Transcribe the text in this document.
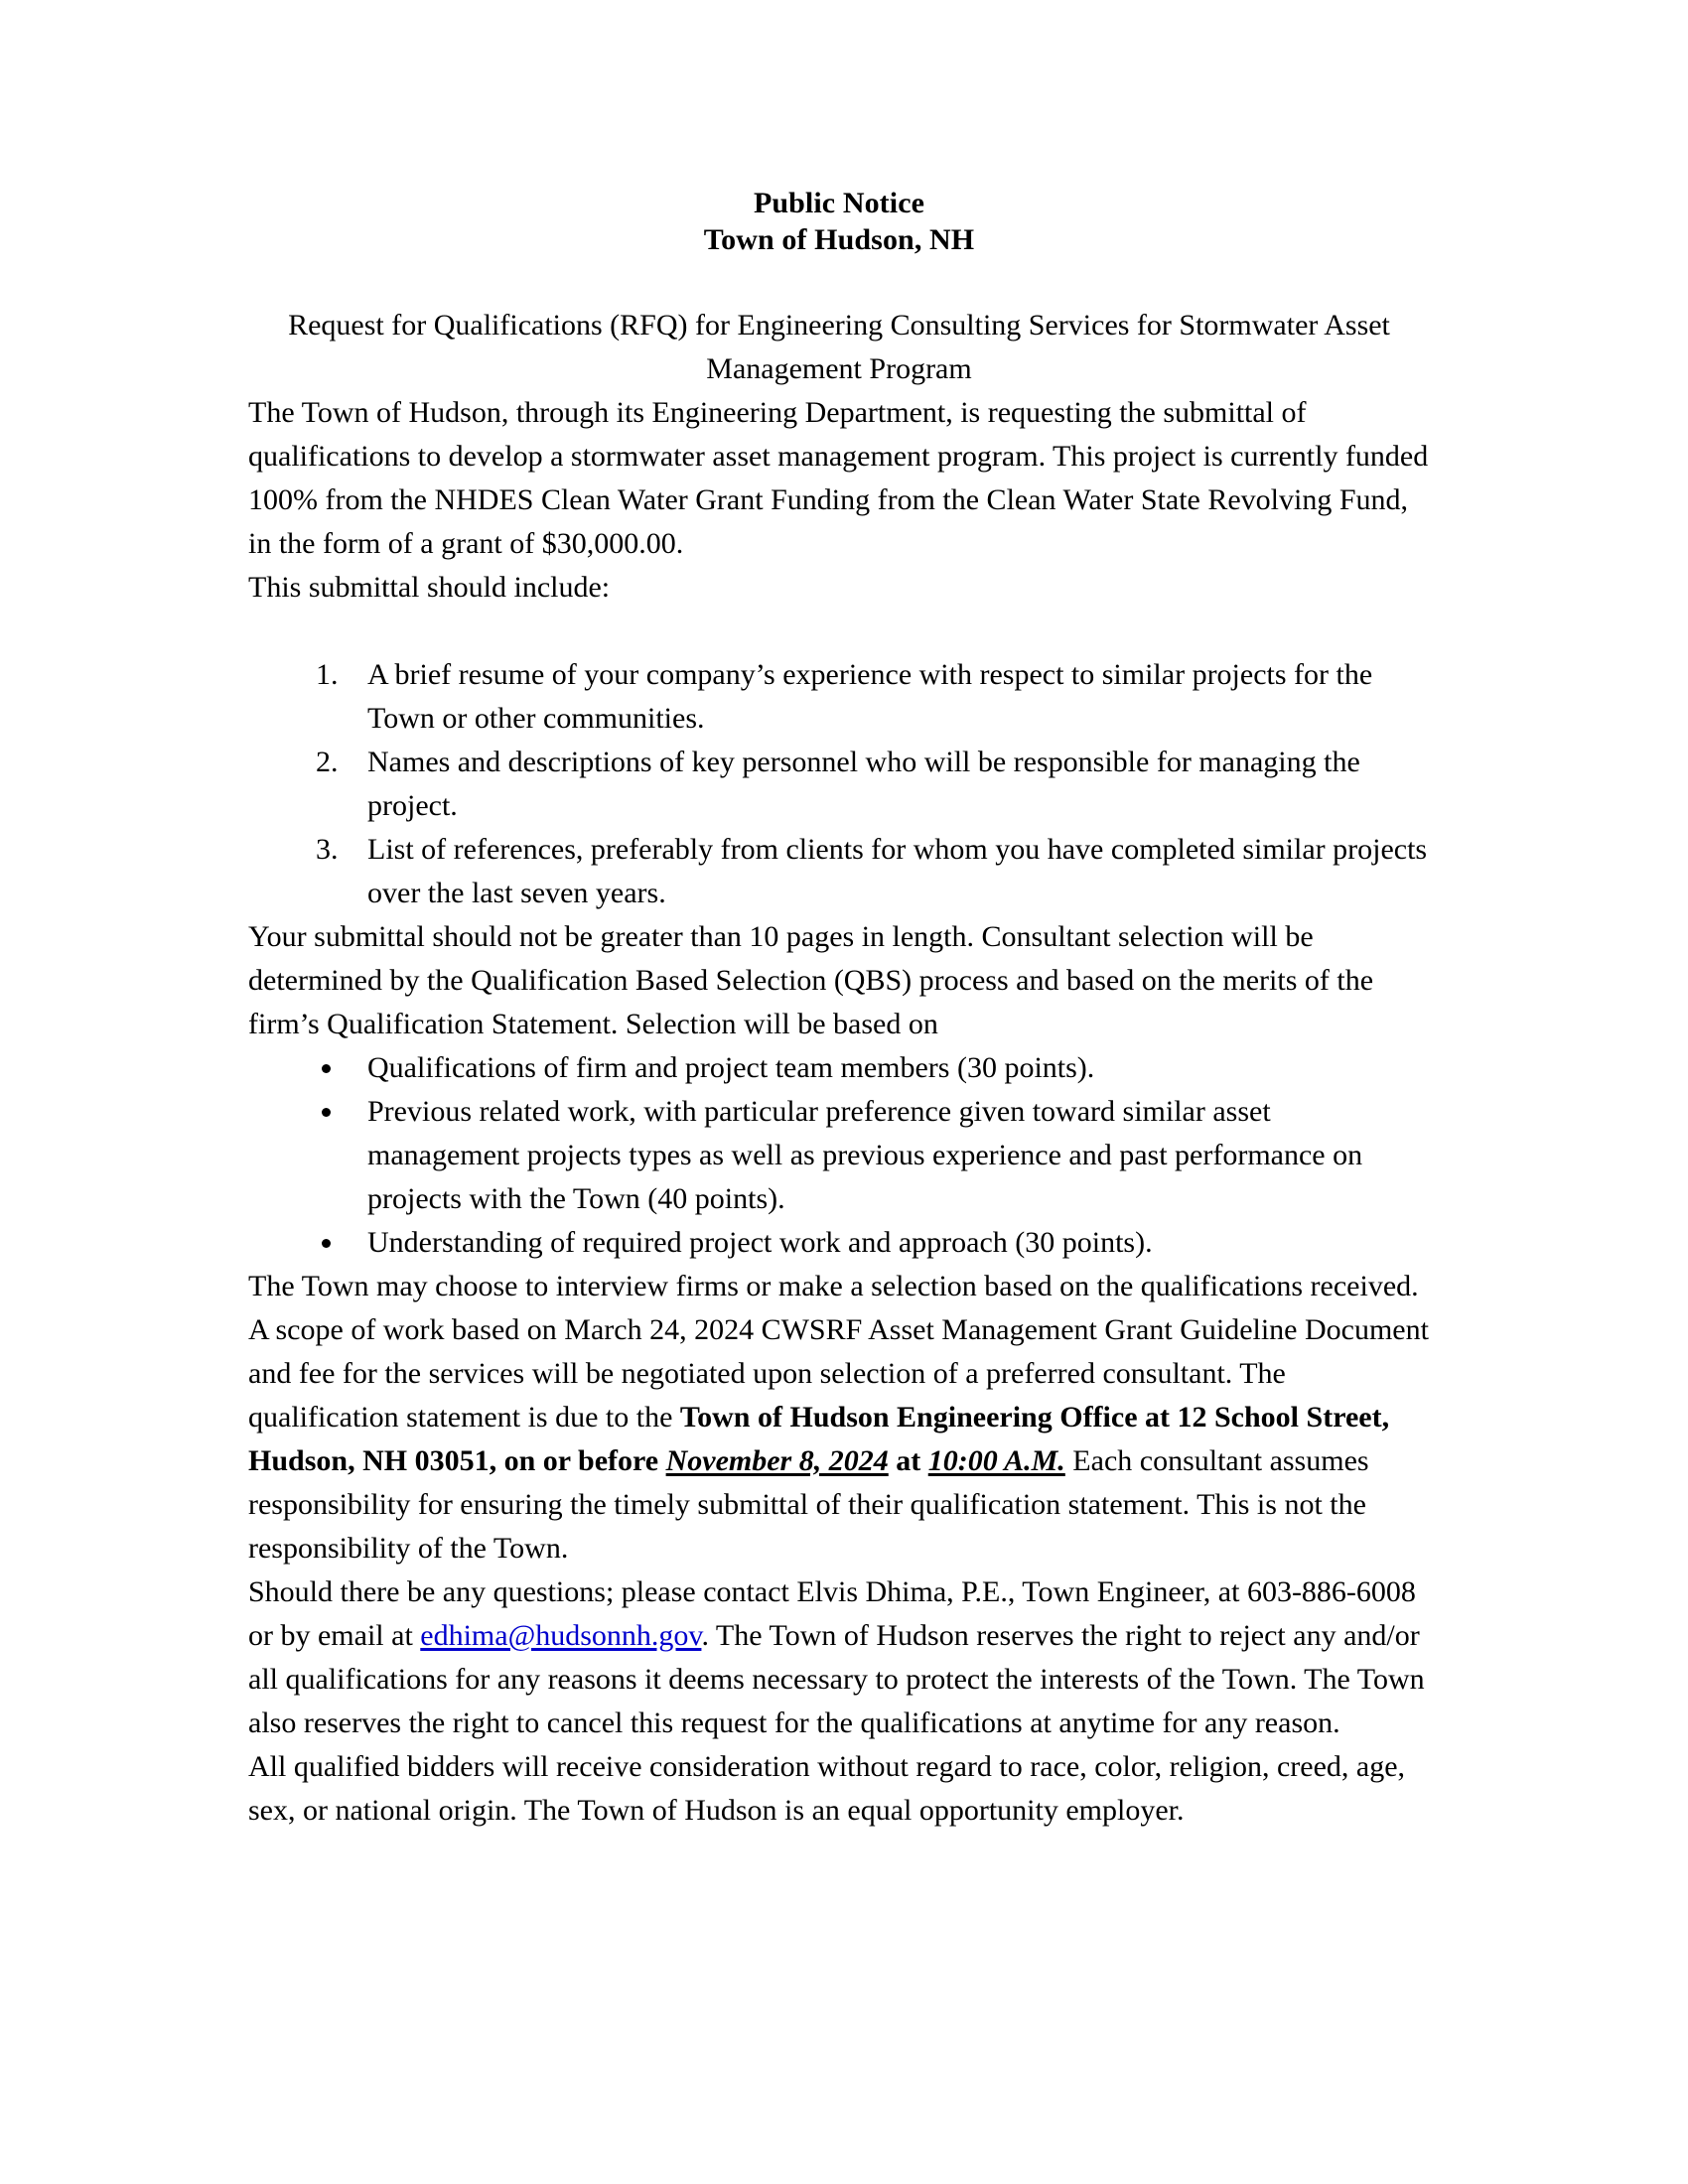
Public Notice
Town of Hudson, NH
Request for Qualifications (RFQ) for Engineering Consulting Services for Stormwater Asset Management Program

The Town of Hudson, through its Engineering Department, is requesting the submittal of qualifications to develop a stormwater asset management program. This project is currently funded 100% from the NHDES Clean Water Grant Funding from the Clean Water State Revolving Fund, in the form of a grant of $30,000.00.

This submittal should include:

1. A brief resume of your company’s experience with respect to similar projects for the Town or other communities.
2. Names and descriptions of key personnel who will be responsible for managing the project.
3. List of references, preferably from clients for whom you have completed similar projects over the last seven years.

Your submittal should not be greater than 10 pages in length. Consultant selection will be determined by the Qualification Based Selection (QBS) process and based on the merits of the firm’s Qualification Statement. Selection will be based on

• Qualifications of firm and project team members (30 points).
• Previous related work, with particular preference given toward similar asset management projects types as well as previous experience and past performance on projects with the Town (40 points).
• Understanding of required project work and approach (30 points).

The Town may choose to interview firms or make a selection based on the qualifications received. A scope of work based on March 24, 2024 CWSRF Asset Management Grant Guideline Document and fee for the services will be negotiated upon selection of a preferred consultant. The qualification statement is due to the Town of Hudson Engineering Office at 12 School Street, Hudson, NH 03051, on or before November 8, 2024 at 10:00 A.M. Each consultant assumes responsibility for ensuring the timely submittal of their qualification statement. This is not the responsibility of the Town.

Should there be any questions; please contact Elvis Dhima, P.E., Town Engineer, at 603-886-6008 or by email at edhima@hudsonnh.gov. The Town of Hudson reserves the right to reject any and/or all qualifications for any reasons it deems necessary to protect the interests of the Town. The Town also reserves the right to cancel this request for the qualifications at anytime for any reason.

All qualified bidders will receive consideration without regard to race, color, religion, creed, age, sex, or national origin. The Town of Hudson is an equal opportunity employer.
